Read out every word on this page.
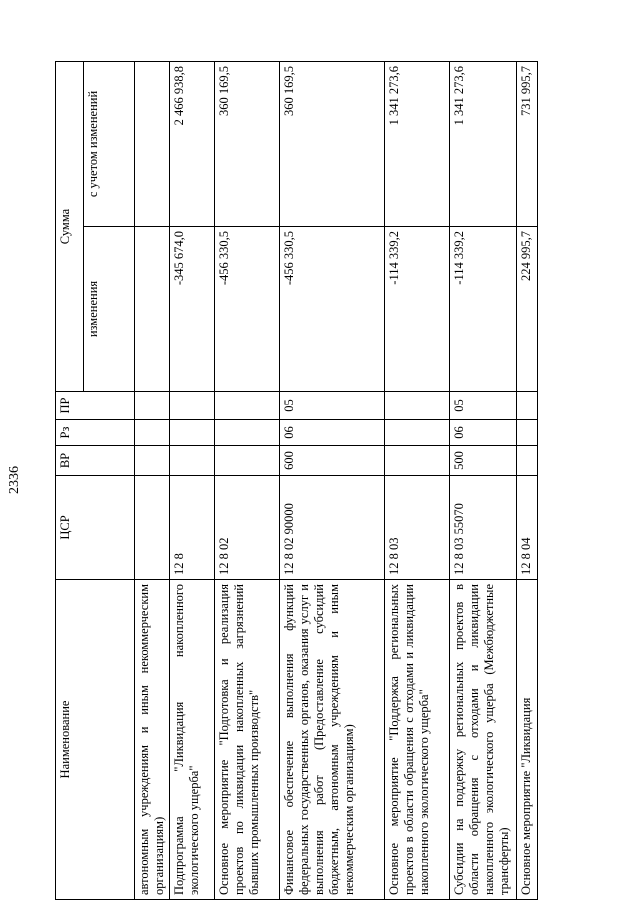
2336
Наименование	ЦСР	ВР	Рз	ПР	Сумма	
					изменения	с учетом изменений
автономным учреждениям и иным некоммерческим организациям)						
Подпрограмма "Ликвидация накопленного экологического ущерба"	12 8				-345 674,0	2 466 938,8
Основное мероприятие "Подготовка и реализация проектов по ликвидации накопленных загрязнений бывших промышленных производств"	12 8 02				-456 330,5	360 169,5
Финансовое обеспечение выполнения функций федеральных государственных органов, оказания услуг и выполнения работ (Предоставление субсидий бюджетным, автономным учреждениям и иным некоммерческим организациям)	12 8 02 90000	600	06	05	-456 330,5	360 169,5
Основное мероприятие "Поддержка региональных проектов в области обращения с отходами и ликвидации накопленного экологического ущерба"	12 8 03				-114 339,2	1 341 273,6
Субсидии на поддержку региональных проектов в области обращения с отходами и ликвидации накопленного экологического ущерба (Межбюджетные трансферты)	12 8 03 55070	500	06	05	-114 339,2	1 341 273,6
Основное мероприятие "Ликвидация	12 8 04				224 995,7	731 995,7
